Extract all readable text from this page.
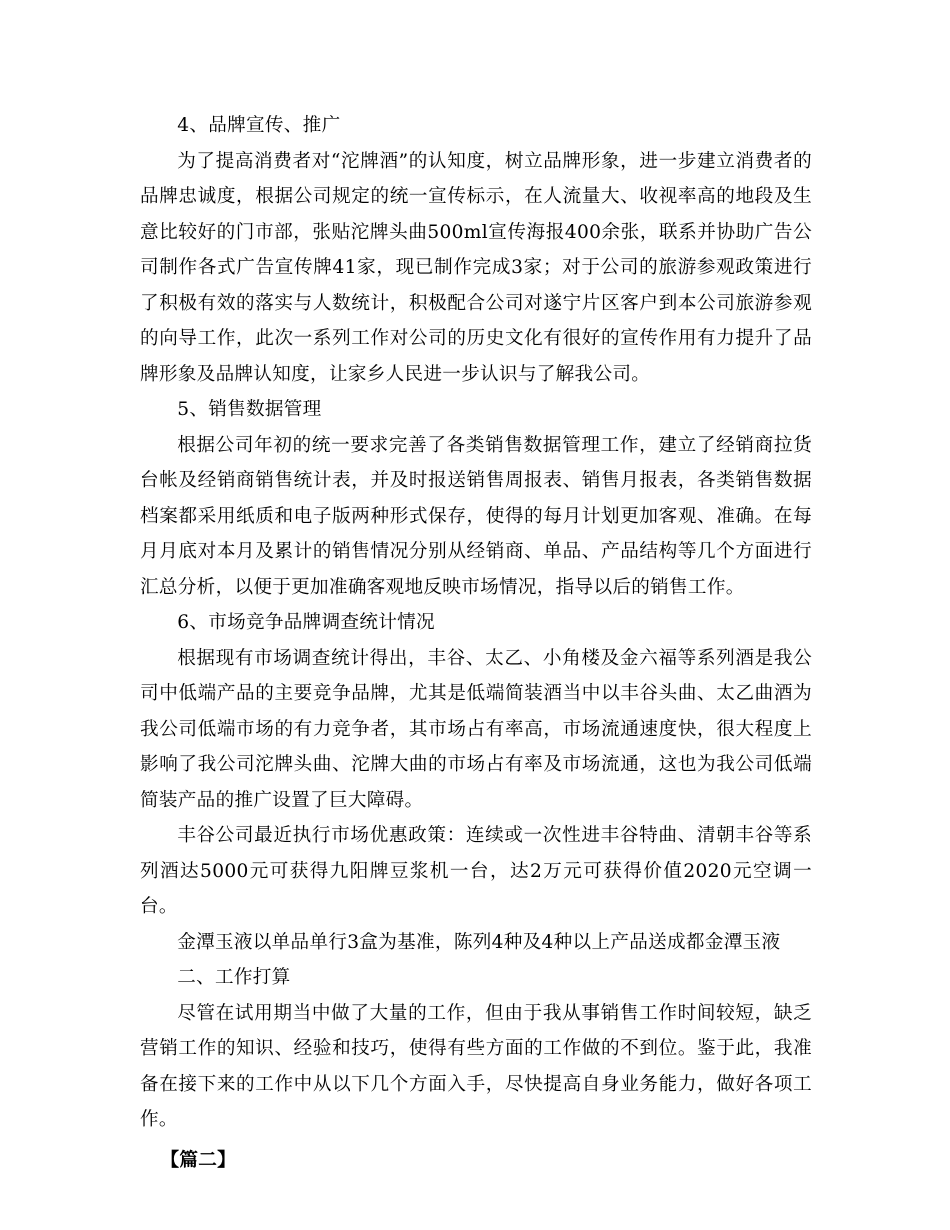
4、品牌宣传、推广

为了提高消费者对“沱牌酒”的认知度，树立品牌形象，进一步建立消费者的品牌忠诚度，根据公司规定的统一宣传标示，在人流量大、收视率高的地段及生意比较好的门市部，张贴沱牌头曲500ml宣传海报400余张，联系并协助广告公司制作各式广告宣传牌41家，现已制作完成3家；对于公司的旅游参观政策进行了积极有效的落实与人数统计，积极配合公司对遂宁片区客户到本公司旅游参观的向导工作，此次一系列工作对公司的历史文化有很好的宣传作用有力提升了品牌形象及品牌认知度，让家乡人民进一步认识与了解我公司。

5、销售数据管理

根据公司年初的统一要求完善了各类销售数据管理工作，建立了经销商拉货台帐及经销商销售统计表，并及时报送销售周报表、销售月报表，各类销售数据档案都采用纸质和电子版两种形式保存，使得的每月计划更加客观、准确。在每月月底对本月及累计的销售情况分别从经销商、单品、产品结构等几个方面进行汇总分析，以便于更加准确客观地反映市场情况，指导以后的销售工作。

6、市场竞争品牌调查统计情况

根据现有市场调查统计得出，丰谷、太乙、小角楼及金六福等系列酒是我公司中低端产品的主要竞争品牌，尤其是低端简装酒当中以丰谷头曲、太乙曲酒为我公司低端市场的有力竞争者，其市场占有率高，市场流通速度快，很大程度上影响了我公司沱牌头曲、沱牌大曲的市场占有率及市场流通，这也为我公司低端简装产品的推广设置了巨大障碍。

丰谷公司最近执行市场优惠政策：连续或一次性进丰谷特曲、清朝丰谷等系列酒达5000元可获得九阳牌豆浆机一台，达2万元可获得价值2020元空调一台。

金潭玉液以单品单行3盒为基准，陈列4种及4种以上产品送成都金潭玉液

二、工作打算

尽管在试用期当中做了大量的工作，但由于我从事销售工作时间较短，缺乏营销工作的知识、经验和技巧，使得有些方面的工作做的不到位。鉴于此，我准备在接下来的工作中从以下几个方面入手，尽快提高自身业务能力，做好各项工作。

【篇二】
